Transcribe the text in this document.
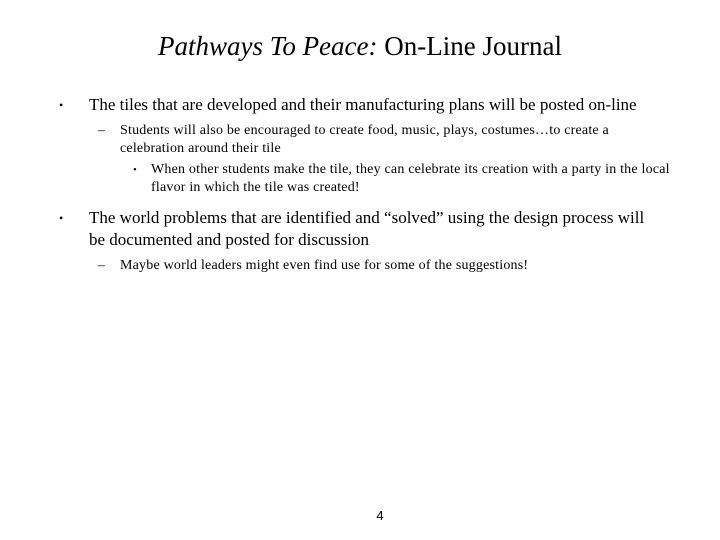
Pathways To Peace: On-Line Journal
• The tiles that are developed and their manufacturing plans will be posted on-line
– Students will also be encouraged to create food, music, plays, costumes…to create a celebration around their tile
• When other students make the tile, they can celebrate its creation with a party in the local flavor in which the tile was created!
• The world problems that are identified and “solved” using the design process will be documented and posted for discussion
– Maybe world leaders might even find use for some of the suggestions!
4
